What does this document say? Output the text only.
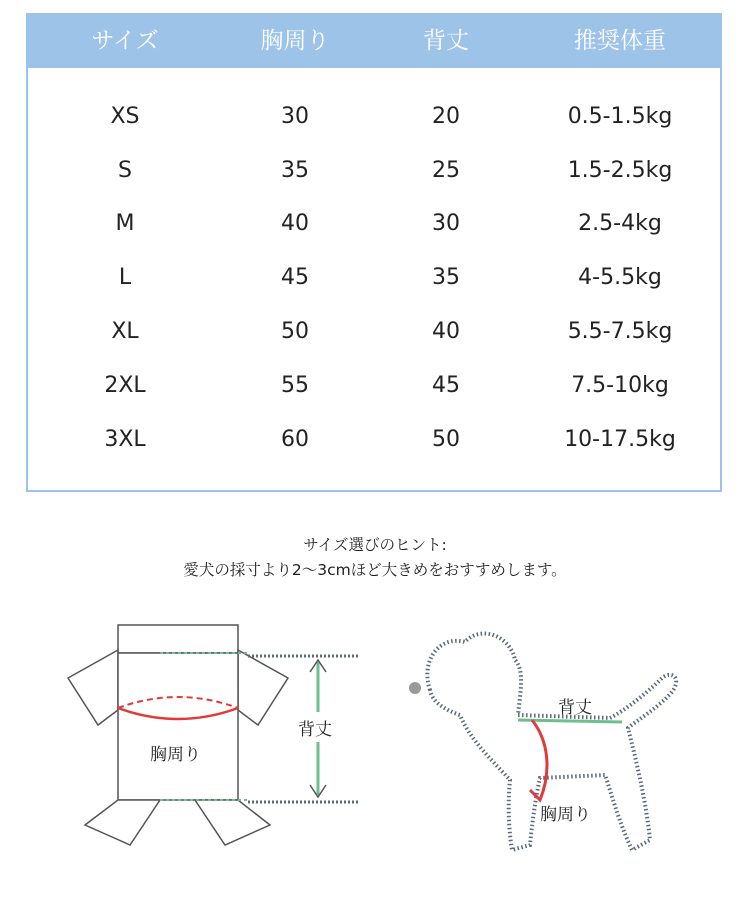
サイズ	胸周り	背丈	推奨体重
XS	30	20	0.5-1.5kg
S	35	25	1.5-2.5kg
M	40	30	2.5-4kg
L	45	35	4-5.5kg
XL	50	40	5.5-7.5kg
2XL	55	45	7.5-10kg
3XL	60	50	10-17.5kg
サイズ選びのヒント:
愛犬の採寸より2～3cmほど大きめをおすすめします。
背丈
胸周り
背丈
胸周り
